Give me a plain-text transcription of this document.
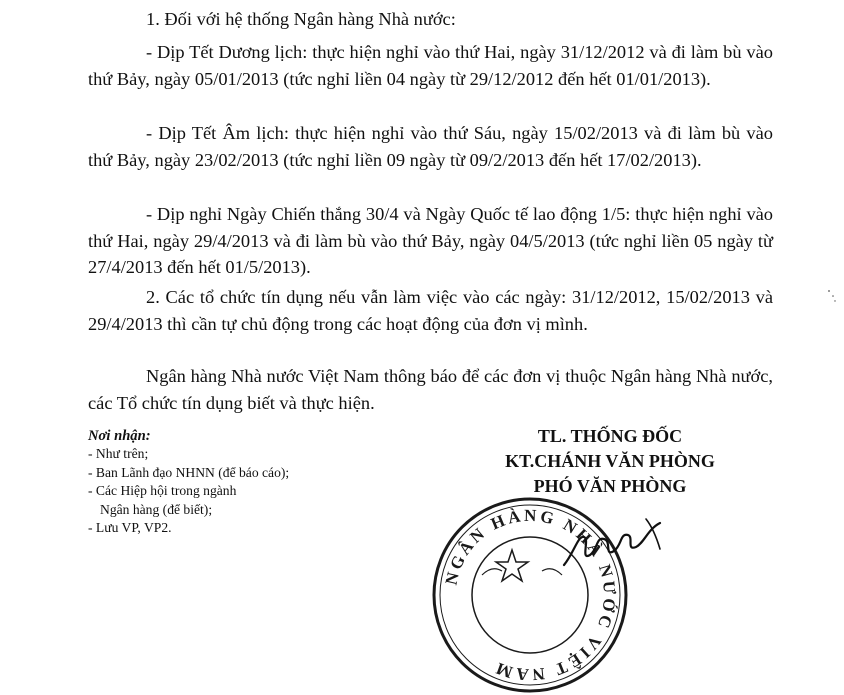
1. Đối với hệ thống Ngân hàng Nhà nước:

- Dịp Tết Dương lịch: thực hiện nghỉ vào thứ Hai, ngày 31/12/2012 và đi làm bù vào thứ Bảy, ngày 05/01/2013 (tức nghỉ liền 04 ngày từ 29/12/2012 đến hết 01/01/2013).

- Dịp Tết Âm lịch: thực hiện nghỉ vào thứ Sáu, ngày 15/02/2013 và đi làm bù vào thứ Bảy, ngày 23/02/2013 (tức nghỉ liền 09 ngày từ 09/2/2013 đến hết 17/02/2013).

- Dịp nghỉ Ngày Chiến thắng 30/4 và Ngày Quốc tế lao động 1/5: thực hiện nghỉ vào thứ Hai, ngày 29/4/2013 và đi làm bù vào thứ Bảy, ngày 04/5/2013 (tức nghỉ liền 05 ngày từ 27/4/2013 đến hết 01/5/2013).

2. Các tổ chức tín dụng nếu vẫn làm việc vào các ngày: 31/12/2012, 15/02/2013 và 29/4/2013 thì cần tự chủ động trong các hoạt động của đơn vị mình.

Ngân hàng Nhà nước Việt Nam thông báo để các đơn vị thuộc Ngân hàng Nhà nước, các Tổ chức tín dụng biết và thực hiện.

Nơi nhận:
- Như trên;
- Ban Lãnh đạo NHNN (để báo cáo);
- Các Hiệp hội trong ngành
Ngân hàng (để biết);
- Lưu VP, VP2.
TL. THỐNG ĐỐC
KT.CHÁNH VĂN PHÒNG
PHÓ VĂN PHÒNG
NGÂN HÀNG NHÀ NƯỚC VIỆT NAM
